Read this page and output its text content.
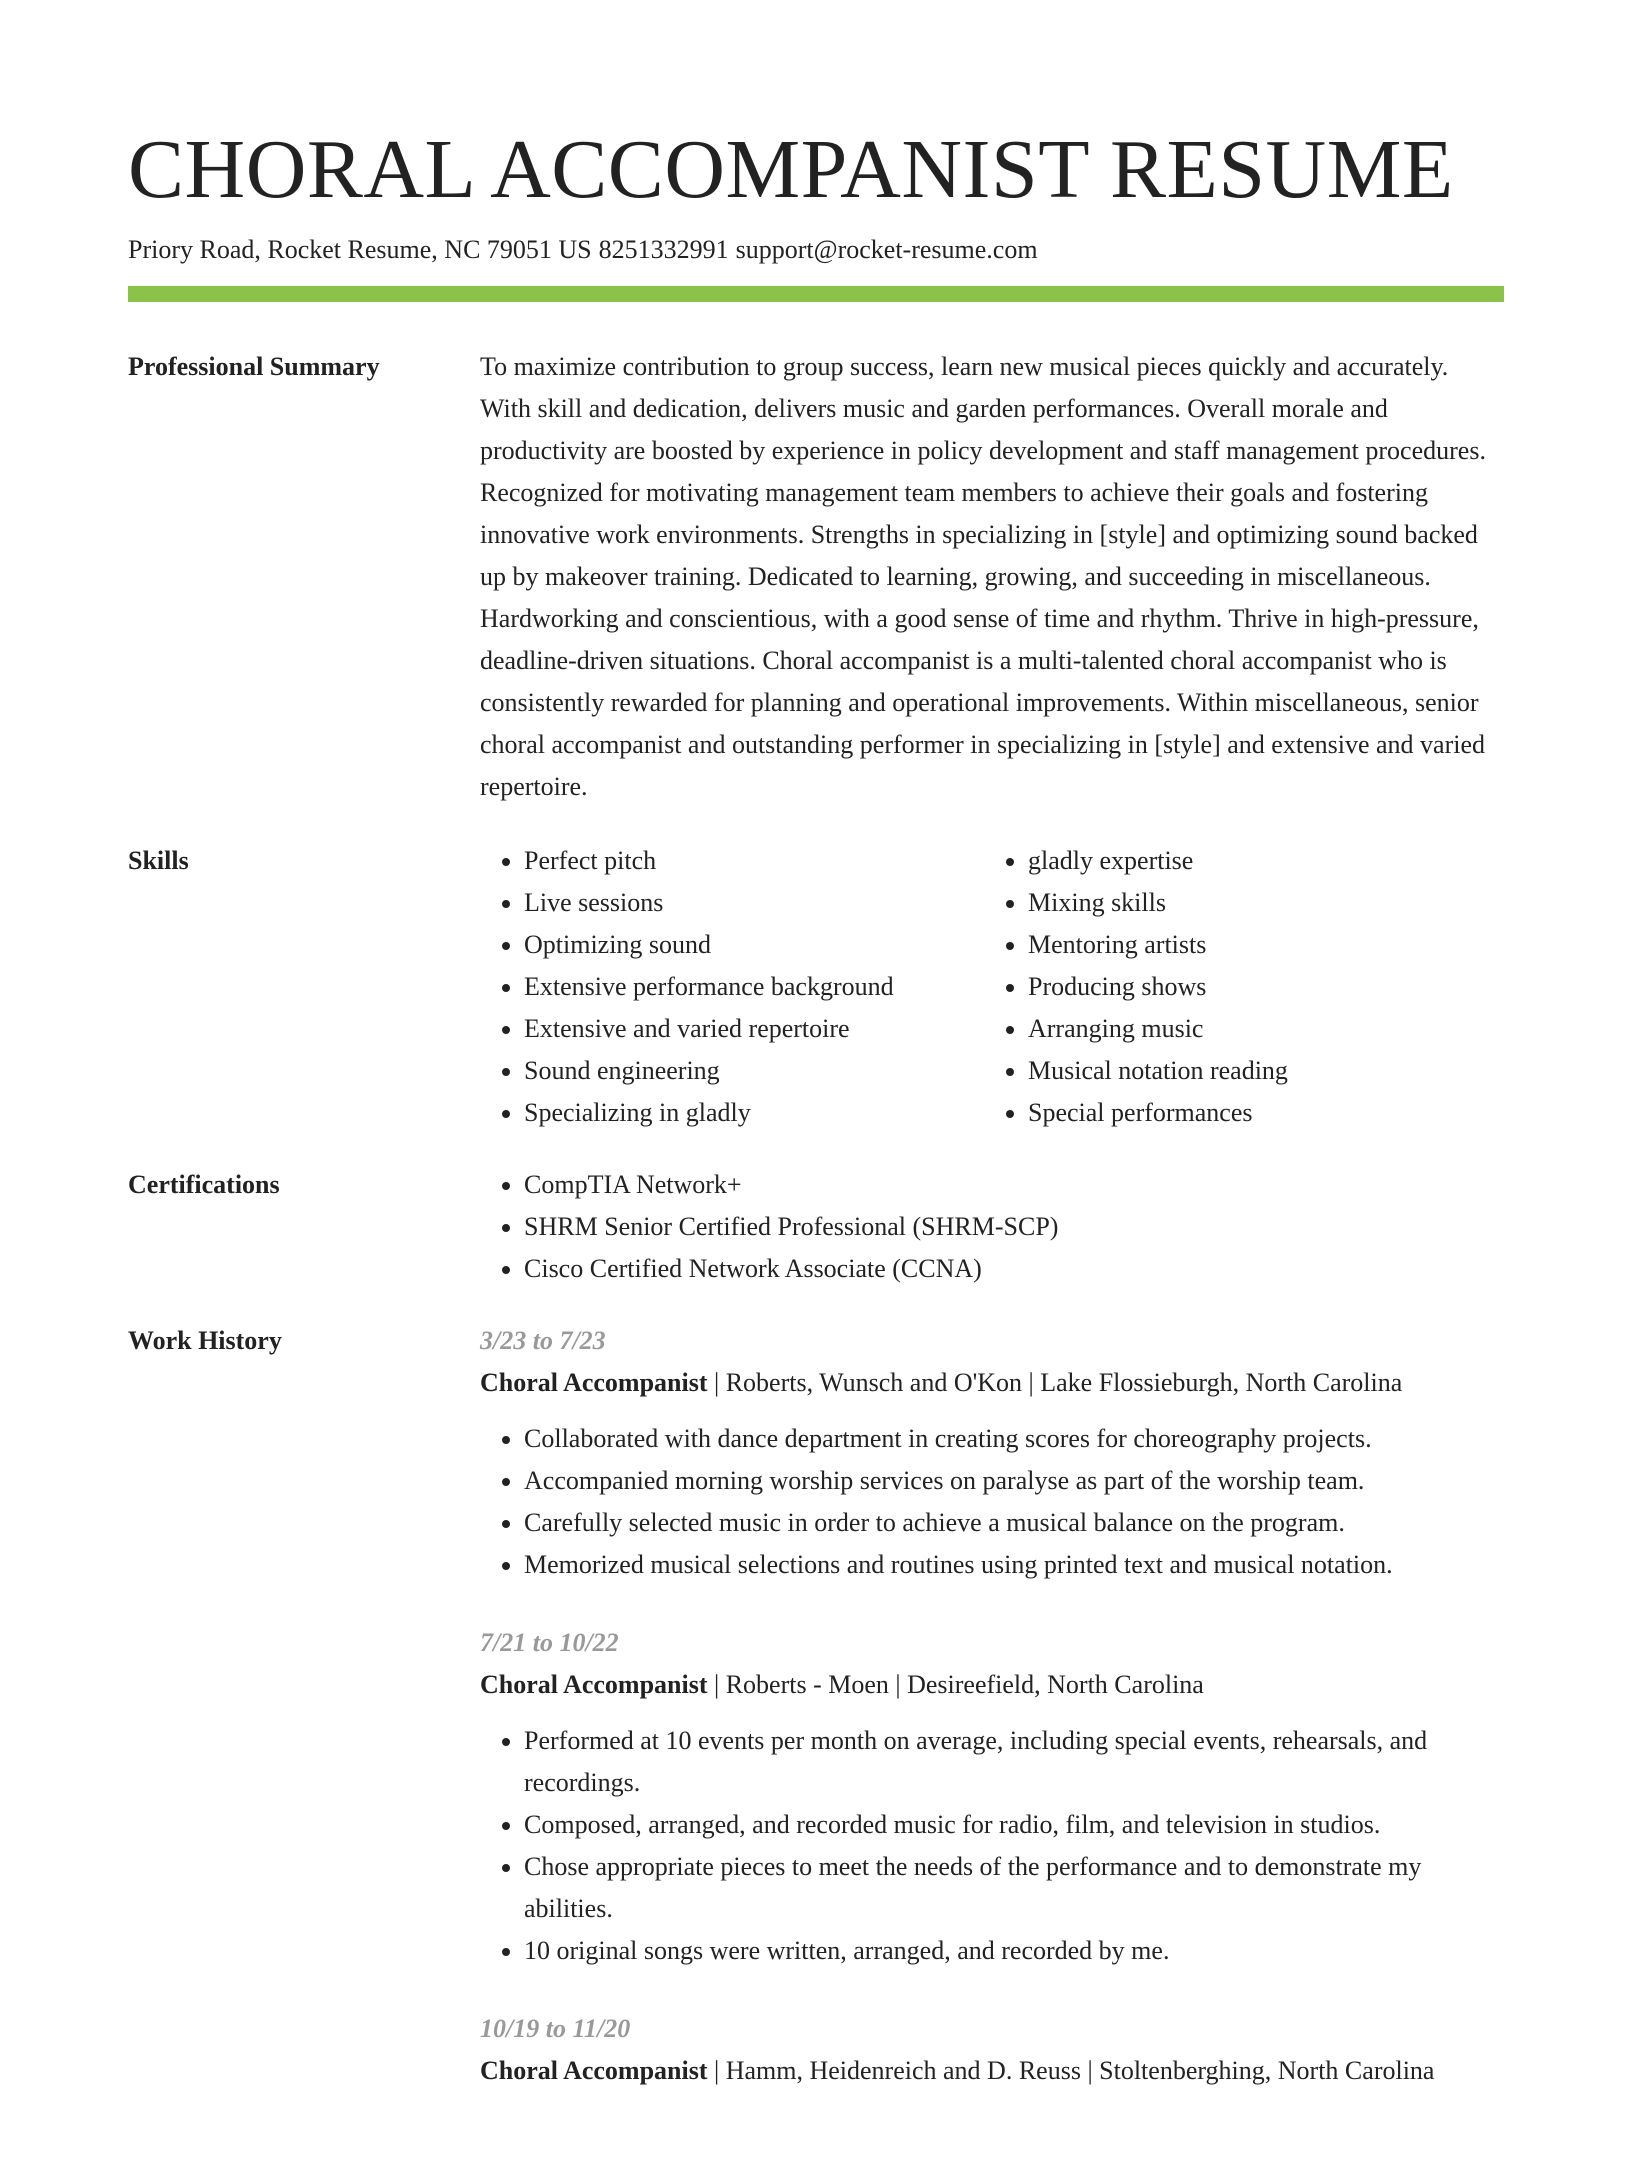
CHORAL ACCOMPANIST RESUME
Priory Road, Rocket Resume, NC 79051 US 8251332991 support@rocket-resume.com
Professional Summary	To maximize contribution to group success, learn new musical pieces quickly and accurately. With skill and dedication, delivers music and garden performances. Overall morale and productivity are boosted by experience in policy development and staff management procedures. Recognized for motivating management team members to achieve their goals and fostering innovative work environments. Strengths in specializing in [style] and optimizing sound backed up by makeover training. Dedicated to learning, growing, and succeeding in miscellaneous. Hardworking and conscientious, with a good sense of time and rhythm. Thrive in high-pressure, deadline-driven situations. Choral accompanist is a multi-talented choral accompanist who is consistently rewarded for planning and operational improvements. Within miscellaneous, senior choral accompanist and outstanding performer in specializing in [style] and extensive and varied repertoire.

Skills	• Perfect pitch
• Live sessions
• Optimizing sound
• Extensive performance background
• Extensive and varied repertoire
• Sound engineering
• Specializing in gladly
• gladly expertise
• Mixing skills
• Mentoring artists
• Producing shows
• Arranging music
• Musical notation reading
• Special performances
Certifications	• CompTIA Network+
• SHRM Senior Certified Professional (SHRM-SCP)
• Cisco Certified Network Associate (CCNA)
Work History	3/23 to 7/23
Choral Accompanist | Roberts, Wunsch and O'Kon | Lake Flossieburgh, North Carolina
• Collaborated with dance department in creating scores for choreography projects.
• Accompanied morning worship services on paralyse as part of the worship team.
• Carefully selected music in order to achieve a musical balance on the program.
• Memorized musical selections and routines using printed text and musical notation.
7/21 to 10/22
Choral Accompanist | Roberts - Moen | Desireefield, North Carolina
• Performed at 10 events per month on average, including special events, rehearsals, and recordings.
• Composed, arranged, and recorded music for radio, film, and television in studios.
• Chose appropriate pieces to meet the needs of the performance and to demonstrate my abilities.
• 10 original songs were written, arranged, and recorded by me.
10/19 to 11/20
Choral Accompanist | Hamm, Heidenreich and D. Reuss | Stoltenberghing, North Carolina
